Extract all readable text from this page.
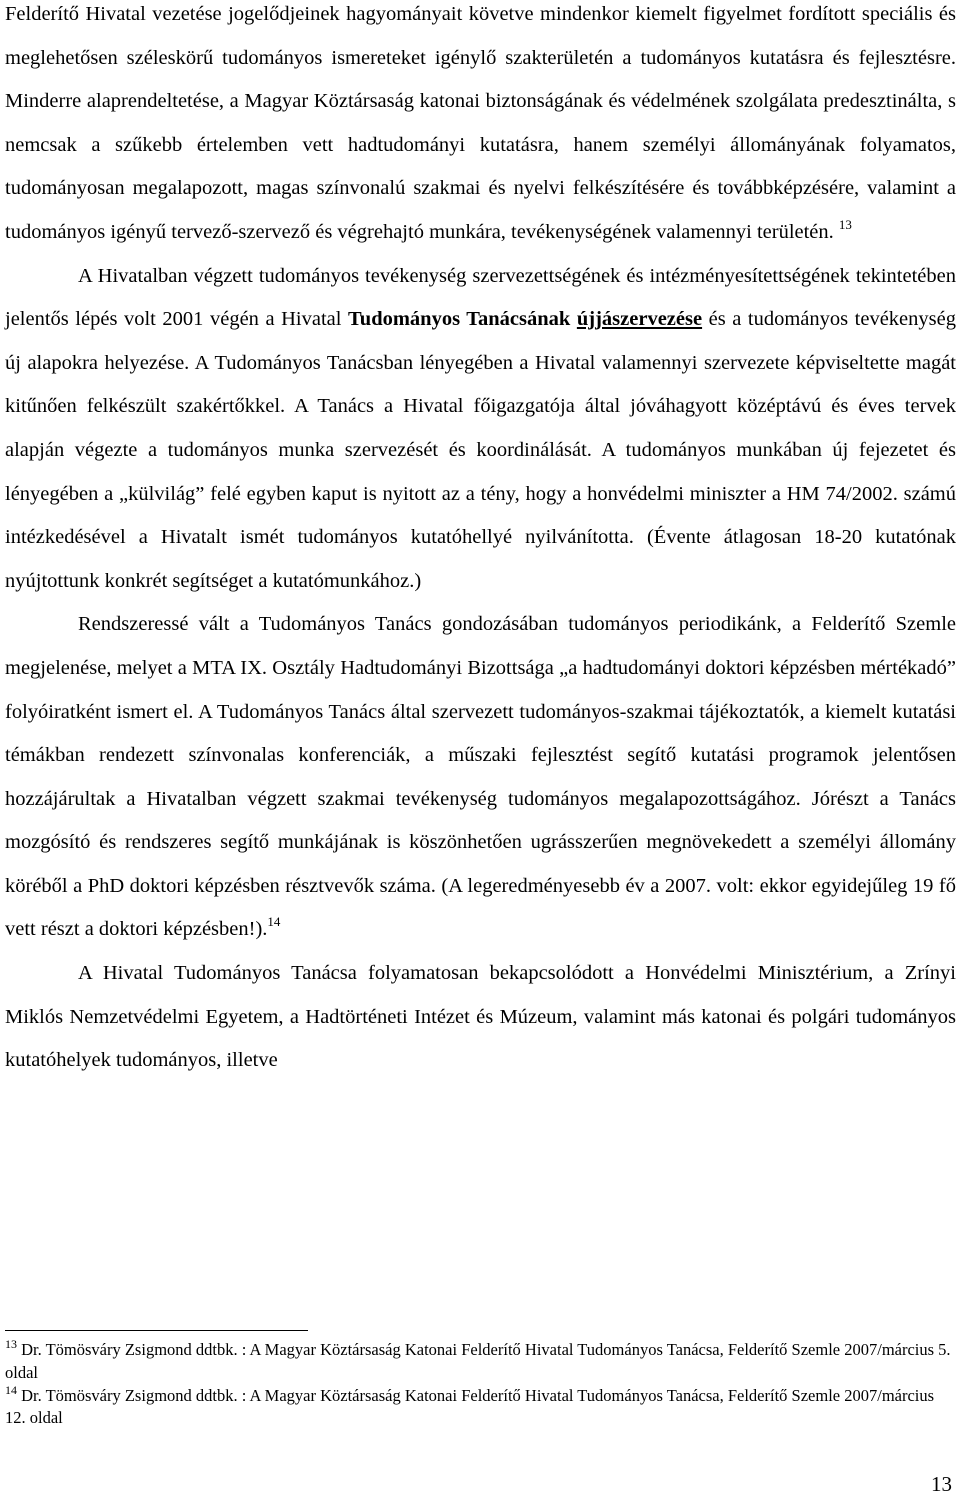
Felderítő Hivatal vezetése jogelődjeinek hagyományait követve mindenkor kiemelt figyelmet fordított speciális és meglehetősen széleskörű tudományos ismereteket igénylő szakterületén a tudományos kutatásra és fejlesztésre. Minderre alaprendeltetése, a Magyar Köztársaság katonai biztonságának és védelmének szolgálata predesztinálta, s nemcsak a szűkebb értelemben vett hadtudományi kutatásra, hanem személyi állományának folyamatos, tudományosan megalapozott, magas színvonalú szakmai és nyelvi felkészítésére és továbbképzésére, valamint a tudományos igényű tervező-szervező és végrehajtó munkára, tevékenységének valamennyi területén. $^{13}$

A Hivatalban végzett tudományos tevékenység szervezettségének és intézményesítettségének tekintetében jelentős lépés volt 2001 végén a Hivatal Tudományos Tanácsának újjászervezése és a tudományos tevékenység új alapokra helyezése. A Tudományos Tanácsban lényegében a Hivatal valamennyi szervezete képviseltette magát kitűnően felkészült szakértőkkel. A Tanács a Hivatal főigazgatója által jóváhagyott középtávú és éves tervek alapján végezte a tudományos munka szervezését és koordinálását. A tudományos munkában új fejezetet és lényegében a „külvilág” felé egyben kaput is nyitott az a tény, hogy a honvédelmi miniszter a HM 74/2002. számú intézkedésével a Hivatalt ismét tudományos kutatóhellyé nyilvánította. (Évente átlagosan 18-20 kutatónak nyújtottunk konkrét segítséget a kutatómunkához.)

Rendszeressé vált a Tudományos Tanács gondozásában tudományos periodikánk, a Felderítő Szemle megjelenése, melyet a MTA IX. Osztály Hadtudományi Bizottsága „a hadtudományi doktori képzésben mértékadó” folyóiratként ismert el. A Tudományos Tanács által szervezett tudományos-szakmai tájékoztatók, a kiemelt kutatási témákban rendezett színvonalas konferenciák, a műszaki fejlesztést segítő kutatási programok jelentősen hozzájárultak a Hivatalban végzett szakmai tevékenység tudományos megalapozottságához. Jórészt a Tanács mozgósító és rendszeres segítő munkájának is köszönhetően ugrásszerűen megnövekedett a személyi állomány köréből a PhD doktori képzésben résztvevők száma. (A legeredményesebb év a 2007. volt: ekkor egyidejűleg 19 fő vett részt a doktori képzésben!).$^{14}$

A Hivatal Tudományos Tanácsa folyamatosan bekapcsolódott a Honvédelmi Minisztérium, a Zrínyi Miklós Nemzetvédelmi Egyetem, a Hadtörténeti Intézet és Múzeum, valamint más katonai és polgári tudományos kutatóhelyek tudományos, illetve

$^{13}$ Dr. Tömösváry Zsigmond ddtbk. : A Magyar Köztársaság Katonai Felderítő Hivatal Tudományos Tanácsa, Felderítő Szemle 2007/március 5. oldal

$^{14}$ Dr. Tömösváry Zsigmond ddtbk. : A Magyar Köztársaság Katonai Felderítő Hivatal Tudományos Tanácsa, Felderítő Szemle 2007/március 12. oldal

13
